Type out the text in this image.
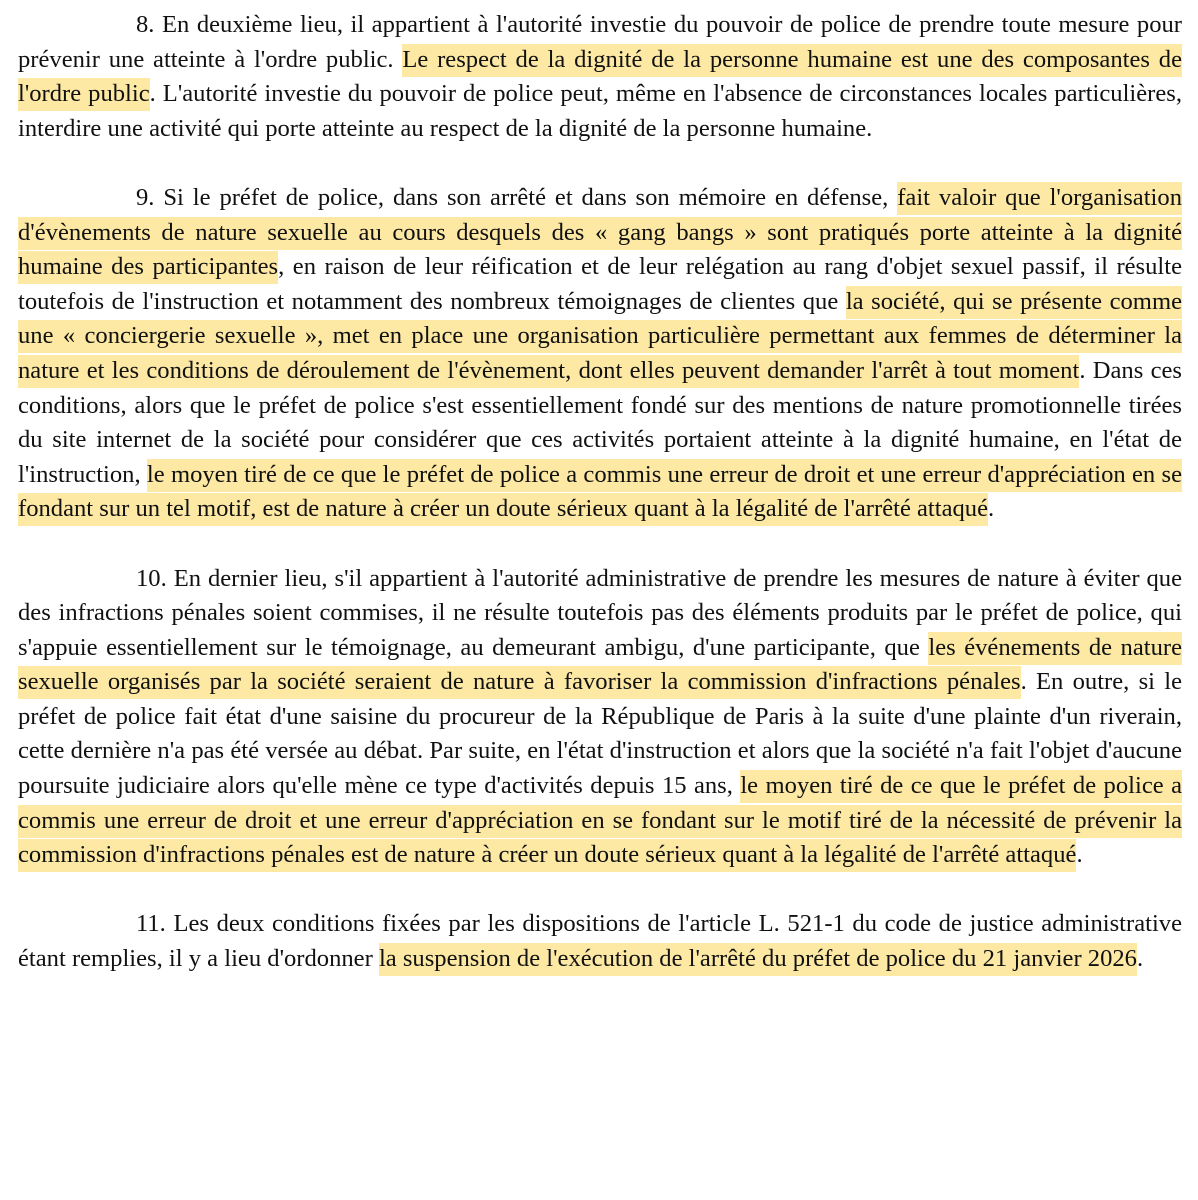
8. En deuxième lieu, il appartient à l'autorité investie du pouvoir de police de prendre toute mesure pour prévenir une atteinte à l'ordre public. Le respect de la dignité de la personne humaine est une des composantes de l'ordre public. L'autorité investie du pouvoir de police peut, même en l'absence de circonstances locales particulières, interdire une activité qui porte atteinte au respect de la dignité de la personne humaine.

9. Si le préfet de police, dans son arrêté et dans son mémoire en défense, fait valoir que l'organisation d'évènements de nature sexuelle au cours desquels des « gang bangs » sont pratiqués porte atteinte à la dignité humaine des participantes, en raison de leur réification et de leur relégation au rang d'objet sexuel passif, il résulte toutefois de l'instruction et notamment des nombreux témoignages de clientes que la société, qui se présente comme une « conciergerie sexuelle », met en place une organisation particulière permettant aux femmes de déterminer la nature et les conditions de déroulement de l'évènement, dont elles peuvent demander l'arrêt à tout moment. Dans ces conditions, alors que le préfet de police s'est essentiellement fondé sur des mentions de nature promotionnelle tirées du site internet de la société pour considérer que ces activités portaient atteinte à la dignité humaine, en l'état de l'instruction, le moyen tiré de ce que le préfet de police a commis une erreur de droit et une erreur d'appréciation en se fondant sur un tel motif, est de nature à créer un doute sérieux quant à la légalité de l'arrêté attaqué.

10. En dernier lieu, s'il appartient à l'autorité administrative de prendre les mesures de nature à éviter que des infractions pénales soient commises, il ne résulte toutefois pas des éléments produits par le préfet de police, qui s'appuie essentiellement sur le témoignage, au demeurant ambigu, d'une participante, que les événements de nature sexuelle organisés par la société seraient de nature à favoriser la commission d'infractions pénales. En outre, si le préfet de police fait état d'une saisine du procureur de la République de Paris à la suite d'une plainte d'un riverain, cette dernière n'a pas été versée au débat. Par suite, en l'état d'instruction et alors que la société n'a fait l'objet d'aucune poursuite judiciaire alors qu'elle mène ce type d'activités depuis 15 ans, le moyen tiré de ce que le préfet de police a commis une erreur de droit et une erreur d'appréciation en se fondant sur le motif tiré de la nécessité de prévenir la commission d'infractions pénales est de nature à créer un doute sérieux quant à la légalité de l'arrêté attaqué.

11. Les deux conditions fixées par les dispositions de l'article L. 521-1 du code de justice administrative étant remplies, il y a lieu d'ordonner la suspension de l'exécution de l'arrêté du préfet de police du 21 janvier 2026.
